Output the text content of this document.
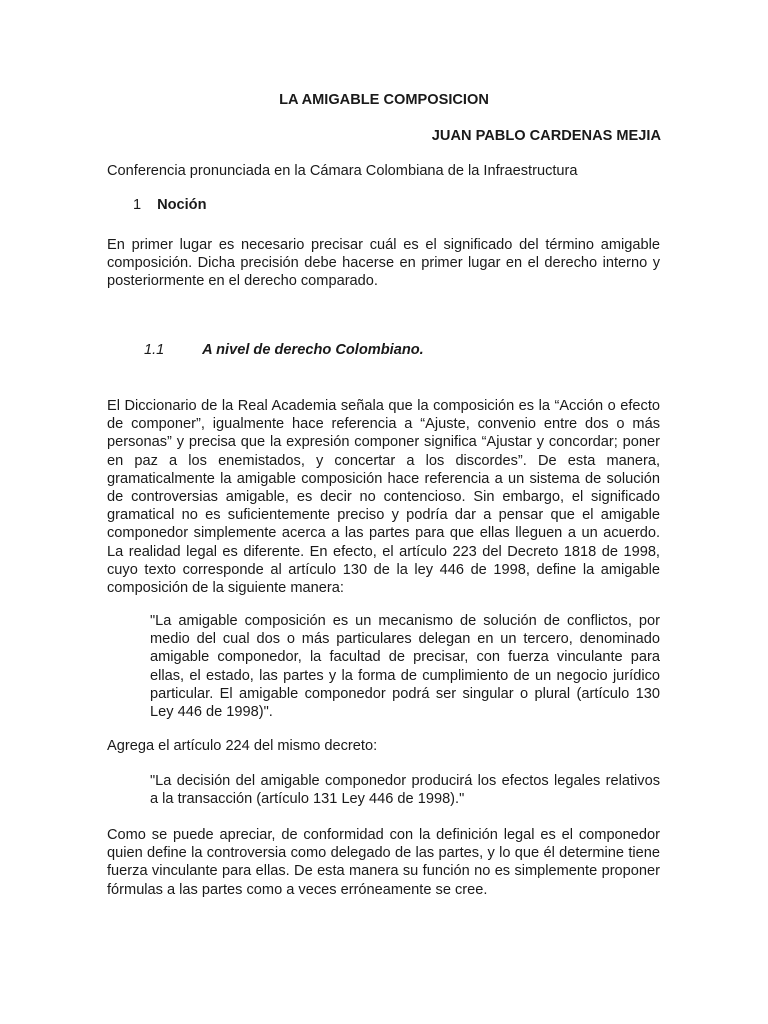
LA AMIGABLE COMPOSICION
JUAN PABLO CARDENAS MEJIA
Conferencia pronunciada en la Cámara Colombiana de la Infraestructura
1 Noción
En primer lugar es necesario precisar cuál es el significado del término amigable composición. Dicha precisión debe hacerse en primer lugar en el derecho interno y posteriormente en el derecho comparado.
1.1	A nivel de derecho Colombiano.
El Diccionario de la Real Academia señala que la composición es la “Acción o efecto de componer”, igualmente hace referencia a “Ajuste, convenio entre dos o más personas” y precisa que la expresión componer significa “Ajustar y concordar; poner en paz a los enemistados, y concertar a los discordes”. De esta manera, gramaticalmente la amigable composición hace referencia a un sistema de solución de controversias amigable, es decir no contencioso. Sin embargo, el significado gramatical no es suficientemente preciso y podría dar a pensar que el amigable componedor simplemente acerca a las partes para que ellas lleguen a un acuerdo. La realidad legal es diferente. En efecto, el artículo 223 del Decreto 1818 de 1998, cuyo texto corresponde al artículo 130 de la ley 446 de 1998, define la amigable composición de la siguiente manera:
"La amigable composición es un mecanismo de solución de conflictos, por medio del cual dos o más particulares delegan en un tercero, denominado amigable componedor, la facultad de precisar, con fuerza vinculante para ellas, el estado, las partes y la forma de cumplimiento de un negocio jurídico particular. El amigable componedor podrá ser singular o plural (artículo 130 Ley 446 de 1998)".
Agrega el artículo 224 del mismo decreto:
"La decisión del amigable componedor producirá los efectos legales relativos a la transacción (artículo 131 Ley 446 de 1998)."
Como se puede apreciar, de conformidad con la definición legal es el componedor quien define la controversia como delegado de las partes, y lo que él determine tiene fuerza vinculante para ellas. De esta manera su función no es simplemente proponer fórmulas a las partes como a veces erróneamente se cree.
